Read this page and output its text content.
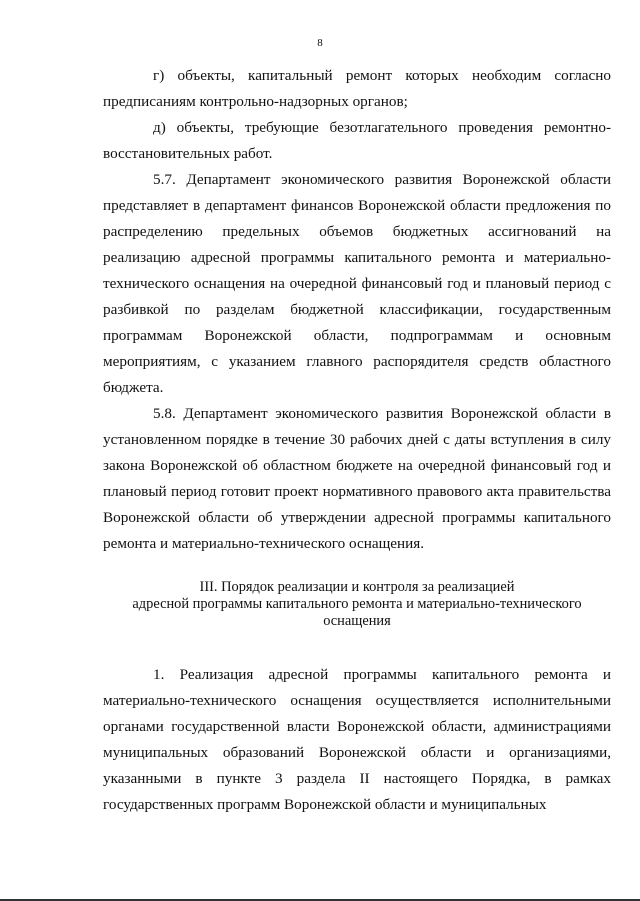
8

г) объекты, капитальный ремонт которых необходим согласно предписаниям контрольно-надзорных органов;

д) объекты, требующие безотлагательного проведения ремонтно-восстановительных работ.

5.7. Департамент экономического развития Воронежской области представляет в департамент финансов Воронежской области предложения по распределению предельных объемов бюджетных ассигнований на реализацию адресной программы капитального ремонта и материально-технического оснащения на очередной финансовый год и плановый период с разбивкой по разделам бюджетной классификации, государственным программам Воронежской области, подпрограммам и основным мероприятиям, с указанием главного распорядителя средств областного бюджета.

5.8. Департамент экономического развития Воронежской области в установленном порядке в течение 30 рабочих дней с даты вступления в силу закона Воронежской об областном бюджете на очередной финансовый год и плановый период готовит проект нормативного правового акта правительства Воронежской области об утверждении адресной программы капитального ремонта и материально-технического оснащения.

III. Порядок реализации и контроля за реализацией
адресной программы капитального ремонта и материально-технического
оснащения

1. Реализация адресной программы капитального ремонта и материально-технического оснащения осуществляется исполнительными органами государственной власти Воронежской области, администрациями муниципальных образований Воронежской области и организациями, указанными в пункте 3 раздела II настоящего Порядка, в рамках государственных программ Воронежской области и муниципальных
